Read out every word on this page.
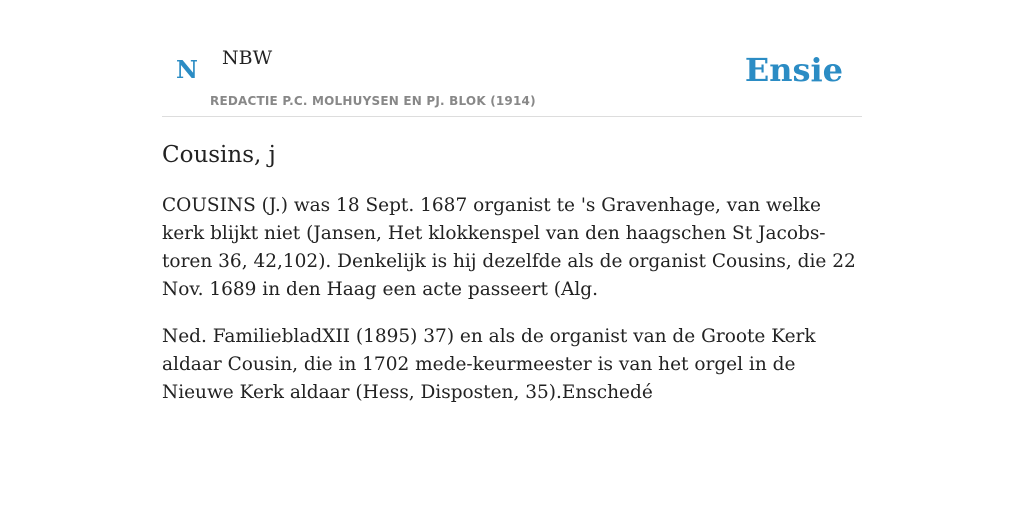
N NBW
REDACTIE P.C. MOLHUYSEN EN PJ. BLOK (1914)
Ensie
Cousins, j

COUSINS (J.) was 18 Sept. 1687 organist te 's Gravenhage, van welke kerk blijkt niet (Jansen, Het klokkenspel van den haagschen St Jacobs-toren 36, 42,102). Denkelijk is hij dezelfde als de organist Cousins, die 22 Nov. 1689 in den Haag een acte passeert (Alg.

Ned. FamiliebladXII (1895) 37) en als de organist van de Groote Kerk aldaar Cousin, die in 1702 mede-keurmeester is van het orgel in de Nieuwe Kerk aldaar (Hess, Disposten, 35).Enschedé
